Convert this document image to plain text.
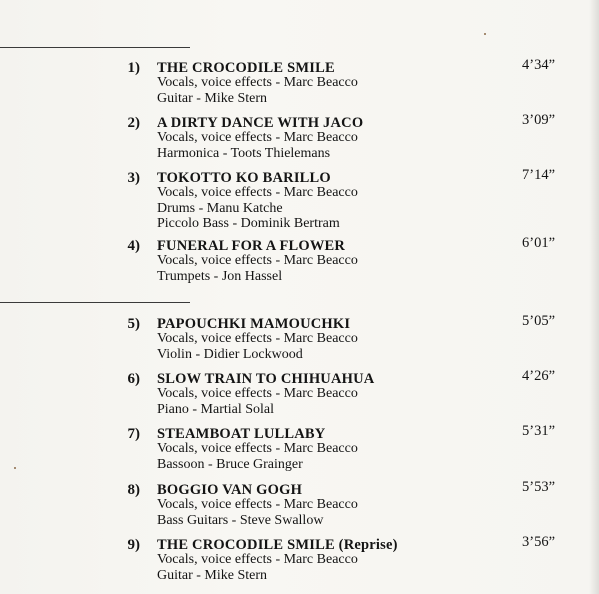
1) THE CROCODILE SMILE	4’34”
Vocals, voice effects - Marc Beacco
Guitar - Mike Stern
2) A DIRTY DANCE WITH JACO	3’09”
Vocals, voice effects - Marc Beacco
Harmonica - Toots Thielemans
3) TOKOTTO KO BARILLO	7’14”
Vocals, voice effects - Marc Beacco
Drums - Manu Katche
Piccolo Bass - Dominik Bertram
4) FUNERAL FOR A FLOWER	6’01”
Vocals, voice effects - Marc Beacco
Trumpets - Jon Hassel
5) PAPOUCHKI MAMOUCHKI	5’05”
Vocals, voice effects - Marc Beacco
Violin - Didier Lockwood
6) SLOW TRAIN TO CHIHUAHUA	4’26”
Vocals, voice effects - Marc Beacco
Piano - Martial Solal
7) STEAMBOAT LULLABY	5’31”
Vocals, voice effects - Marc Beacco
Bassoon - Bruce Grainger
8) BOGGIO VAN GOGH	5’53”
Vocals, voice effects - Marc Beacco
Bass Guitars - Steve Swallow
9) THE CROCODILE SMILE (Reprise)	3’56”
Vocals, voice effects - Marc Beacco
Guitar - Mike Stern
